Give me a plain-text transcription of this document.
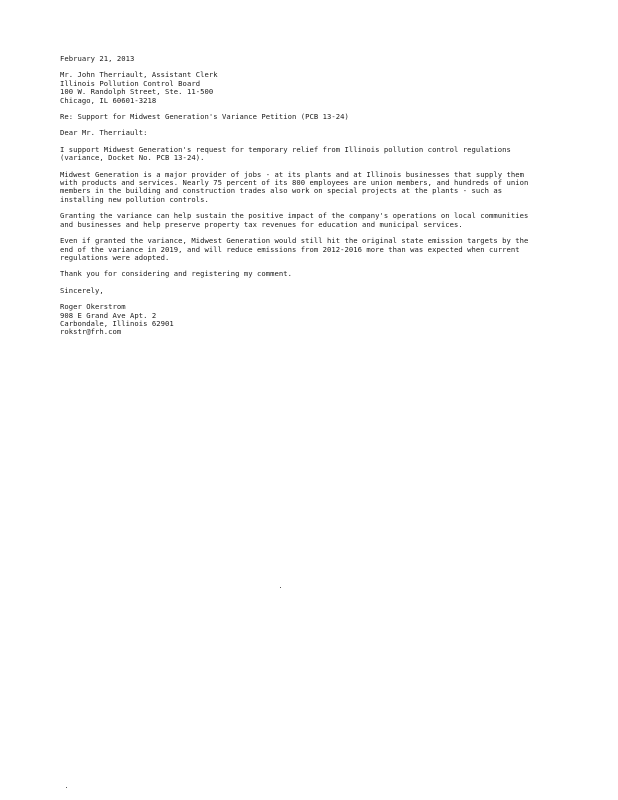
February 21, 2013
Mr. John Therriault, Assistant Clerk
Illinois Pollution Control Board
100 W. Randolph Street, Ste. 11-500
Chicago, IL 60601-3218
Re: Support for Midwest Generation's Variance Petition (PCB 13-24)
Dear Mr. Therriault:
I support Midwest Generation's request for temporary relief from Illinois pollution control regulations
(variance, Docket No. PCB 13-24).
Midwest Generation is a major provider of jobs - at its plants and at Illinois businesses that supply them
with products and services. Nearly 75 percent of its 800 employees are union members, and hundreds of union
members in the building and construction trades also work on special projects at the plants - such as
installing new pollution controls.
Granting the variance can help sustain the positive impact of the company's operations on local communities
and businesses and help preserve property tax revenues for education and municipal services.
Even if granted the variance, Midwest Generation would still hit the original state emission targets by the
end of the variance in 2019, and will reduce emissions from 2012-2016 more than was expected when current
regulations were adopted.
Thank you for considering and registering my comment.
Sincerely,
Roger Okerstrom
908 E Grand Ave Apt. 2
Carbondale, Illinois 62901
rokstr@frh.com
